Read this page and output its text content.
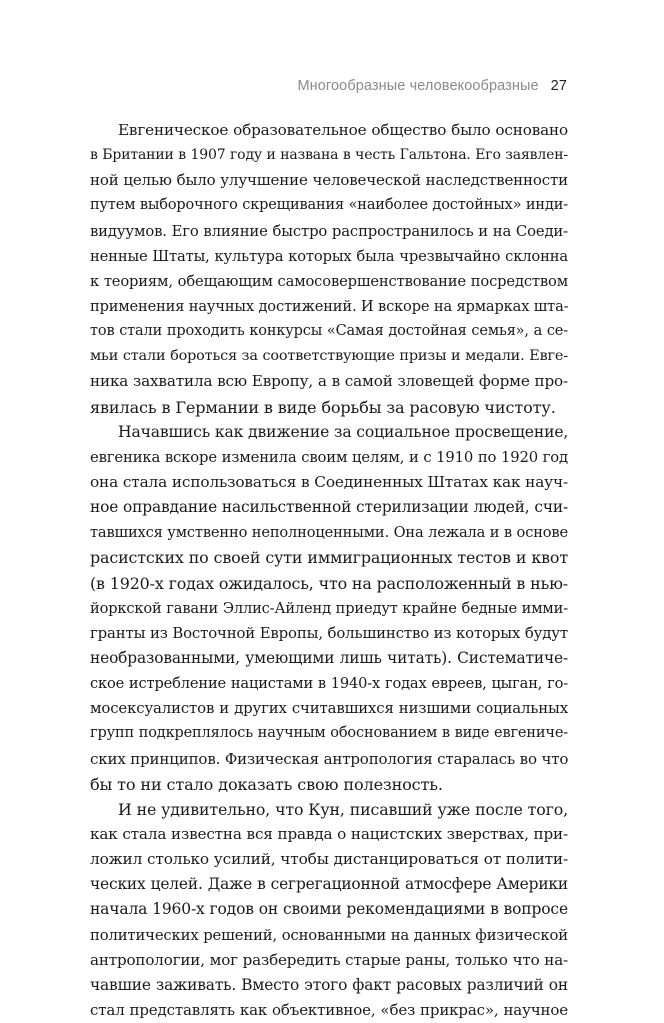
Многообразные человекообразные 27
Евгеническое образовательное общество было основано
в Британии в 1907 году и названа в честь Гальтона. Его заявлен-
ной целью было улучшение человеческой наследственности
путем выборочного скрещивания «наиболее достойных» инди-
видуумов. Его влияние быстро распространилось и на Соеди-
ненные Штаты, культура которых была чрезвычайно склонна
к теориям, обещающим самосовершенствование посредством
применения научных достижений. И вскоре на ярмарках шта-
тов стали проходить конкурсы «Самая достойная семья», а се-
мьи стали бороться за соответствующие призы и медали. Евге-
ника захватила всю Европу, а в самой зловещей форме про-
явилась в Германии в виде борьбы за расовую чистоту.
Начавшись как движение за социальное просвещение,
евгеника вскоре изменила своим целям, и с 1910 по 1920 год
она стала использоваться в Соединенных Штатах как науч-
ное оправдание насильственной стерилизации людей, счи-
тавшихся умственно неполноценными. Она лежала и в основе
расистских по своей сути иммиграционных тестов и квот
(в 1920-х годах ожидалось, что на расположенный в нью-
йоркской гавани Эллис-Айленд приедут крайне бедные имми-
гранты из Восточной Европы, большинство из которых будут
необразованными, умеющими лишь читать). Систематиче-
ское истребление нацистами в 1940-х годах евреев, цыган, го-
мосексуалистов и других считавшихся низшими социальных
групп подкреплялось научным обоснованием в виде евгениче-
ских принципов. Физическая антропология старалась во что
бы то ни стало доказать свою полезность.
И не удивительно, что Кун, писавший уже после того,
как стала известна вся правда о нацистских зверствах, при-
ложил столько усилий, чтобы дистанцироваться от полити-
ческих целей. Даже в сегрегационной атмосфере Америки
начала 1960-х годов он своими рекомендациями в вопросе
политических решений, основанными на данных физической
антропологии, мог разбередить старые раны, только что на-
чавшие заживать. Вместо этого факт расовых различий он
стал представлять как объективное, «без прикрас», научное
